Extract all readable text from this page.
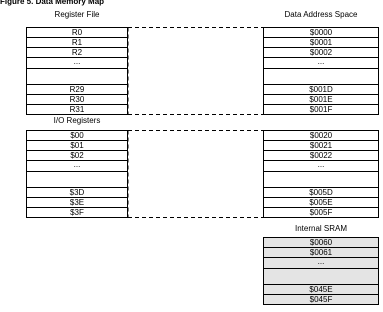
Figure 5. Data Memory Map
Register File	Data Address Space
R0
R1
R2
...
R29
R30
R31
I/O Registers
$00
$01
$02
...
$3D
$3E
$3F
$0000
$0001
$0002
...
$001D
$001E
$001F
$0020
$0021
$0022
...
$005D
$005E
$005F
Internal SRAM
$0060
$0061
...
$045E
$045F
